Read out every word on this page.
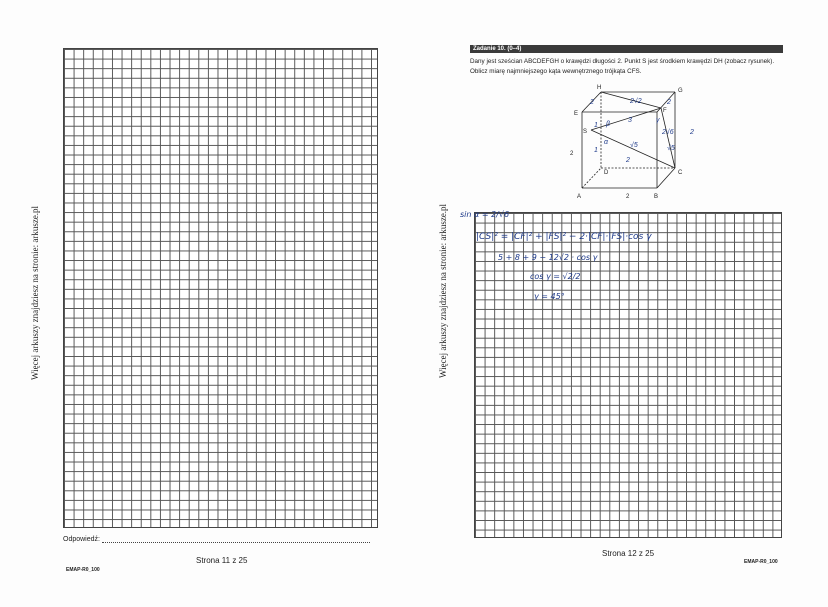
Więcej arkuszy znajdziesz na stronie: arkusze.pl
Odpowiedź:
Strona 11 z 25
EMAP-R0_100
Więcej arkuszy znajdziesz na stronie: arkusze.pl
Zadanie 10. (0–4)
Dany jest sześcian ABCDEFGH o krawędzi długości 2. Punkt S jest środkiem krawędzi DH (zobacz rysunek). Oblicz miarę najmniejszego kąta wewnętrznego trójkąta CFS.
A	B
C
D
E	F
G
H
S
2
2
2	2√2	2
1 β
3
1
α	√5
2
2√6 2
√5
γ
sin α = 2/√6
|CS|² = |CF|² + |FS|² − 2·|CF|·|FS|·cos γ
5 + 8 + 9 − 12√2 · cos γ
cos γ = √2/2
γ = 45°
Strona 12 z 25
EMAP-R0_100
